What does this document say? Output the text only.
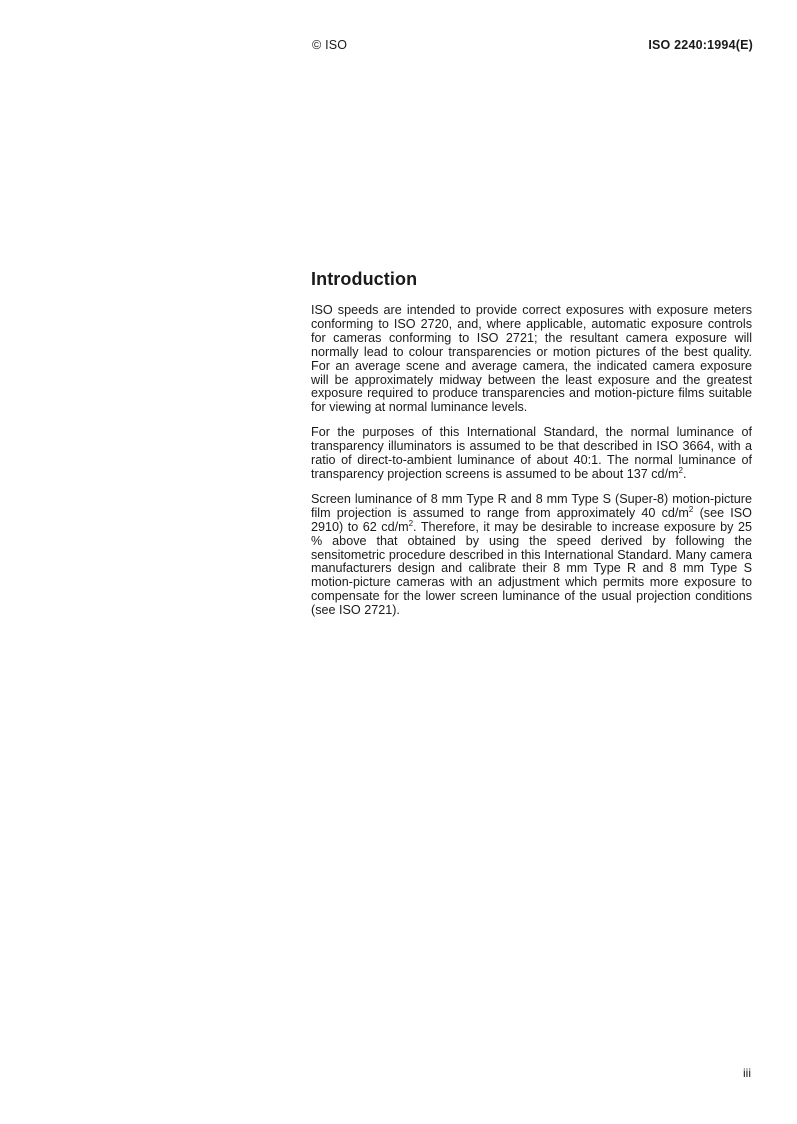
© ISO	ISO 2240:1994(E)
Introduction

ISO speeds are intended to provide correct exposures with exposure meters conforming to ISO 2720, and, where applicable, automatic exposure controls for cameras conforming to ISO 2721; the resultant camera exposure will normally lead to colour transparencies or motion pictures of the best quality. For an average scene and average camera, the indicated camera exposure will be approximately midway between the least exposure and the greatest exposure required to produce transparencies and motion-picture films suitable for viewing at normal luminance levels.

For the purposes of this International Standard, the normal luminance of transparency illuminators is assumed to be that described in ISO 3664, with a ratio of direct-to-ambient luminance of about 40:1. The normal luminance of transparency projection screens is assumed to be about 137 $cd/m^2$.

Screen luminance of 8 mm Type R and 8 mm Type S (Super-8) motion-picture film projection is assumed to range from approximately 40 $cd/m^2$ (see ISO 2910) to 62 $cd/m^2$. Therefore, it may be desirable to increase exposure by 25 % above that obtained by using the speed derived by following the sensitometric procedure described in this International Standard. Many camera manufacturers design and calibrate their 8 mm Type R and 8 mm Type S motion-picture cameras with an adjustment which permits more exposure to compensate for the lower screen luminance of the usual projection conditions (see ISO 2721).

iii
